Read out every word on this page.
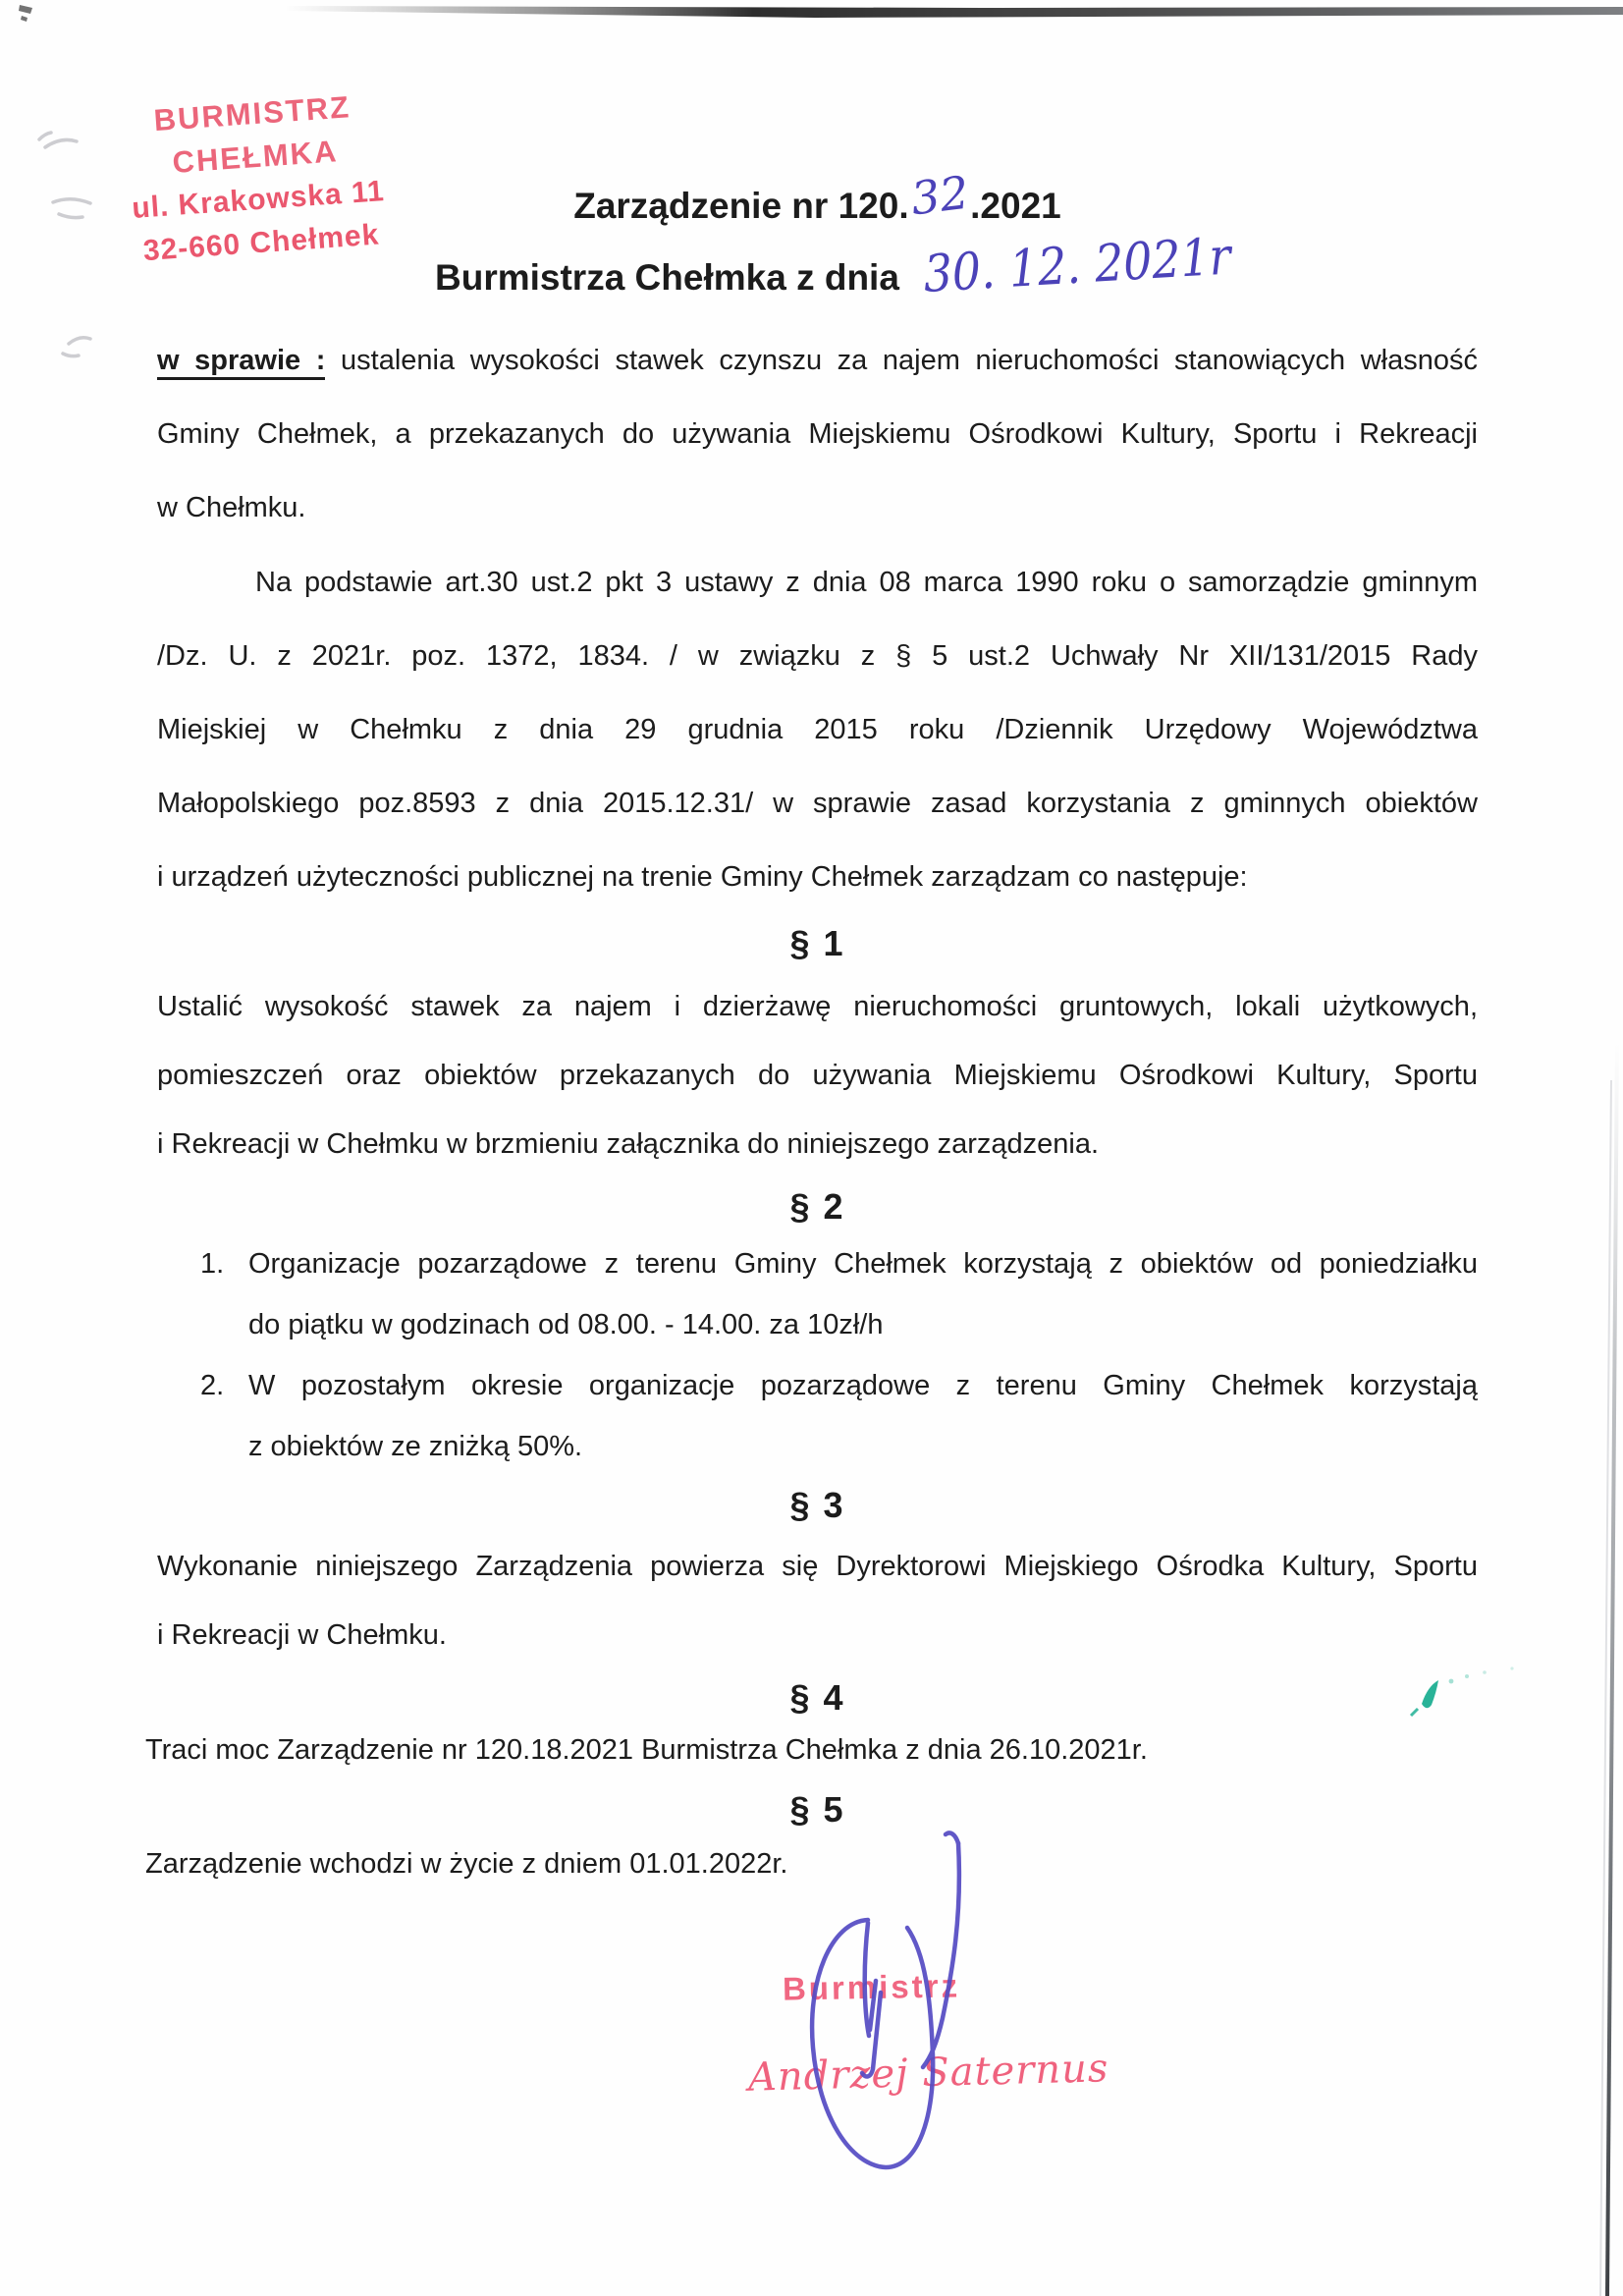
BURMISTRZ CHEŁMKA
ul. Krakowska 11
32-660 Chełmek
Zarządzenie nr 120.32.2021
Burmistrza Chełmka z dnia 30. 12. 2021r
w sprawie : ustalenia wysokości stawek czynszu za najem nieruchomości stanowiących własność
Gminy Chełmek, a przekazanych do używania Miejskiemu Ośrodkowi Kultury, Sportu i Rekreacji
w Chełmku.
Na podstawie art.30 ust.2 pkt 3 ustawy z dnia 08 marca 1990 roku o samorządzie gminnym
/Dz. U. z 2021r. poz. 1372, 1834. / w związku z § 5 ust.2 Uchwały Nr XII/131/2015 Rady
Miejskiej w Chełmku z dnia 29 grudnia 2015 roku /Dziennik Urzędowy Województwa
Małopolskiego poz.8593 z dnia 2015.12.31/ w sprawie zasad korzystania z gminnych obiektów
i urządzeń użyteczności publicznej na trenie Gminy Chełmek zarządzam co następuje:
§ 1
Ustalić wysokość stawek za najem i dzierżawę nieruchomości gruntowych, lokali użytkowych,
pomieszczeń oraz obiektów przekazanych do używania Miejskiemu Ośrodkowi Kultury, Sportu
i Rekreacji w Chełmku w brzmieniu załącznika do niniejszego zarządzenia.
§ 2
1. Organizacje pozarządowe z terenu Gminy Chełmek korzystają z obiektów od poniedziałku
do piątku w godzinach od 08.00. - 14.00. za 10zł/h
2. W pozostałym okresie organizacje pozarządowe z terenu Gminy Chełmek korzystają
z obiektów ze zniżką 50%.
§ 3
Wykonanie niniejszego Zarządzenia powierza się Dyrektorowi Miejskiego Ośrodka Kultury, Sportu
i Rekreacji w Chełmku.
§ 4
Traci moc Zarządzenie nr 120.18.2021 Burmistrza Chełmka z dnia 26.10.2021r.
§ 5
Zarządzenie wchodzi w życie z dniem 01.01.2022r.
Burmistrz
Andrzej Saternus
